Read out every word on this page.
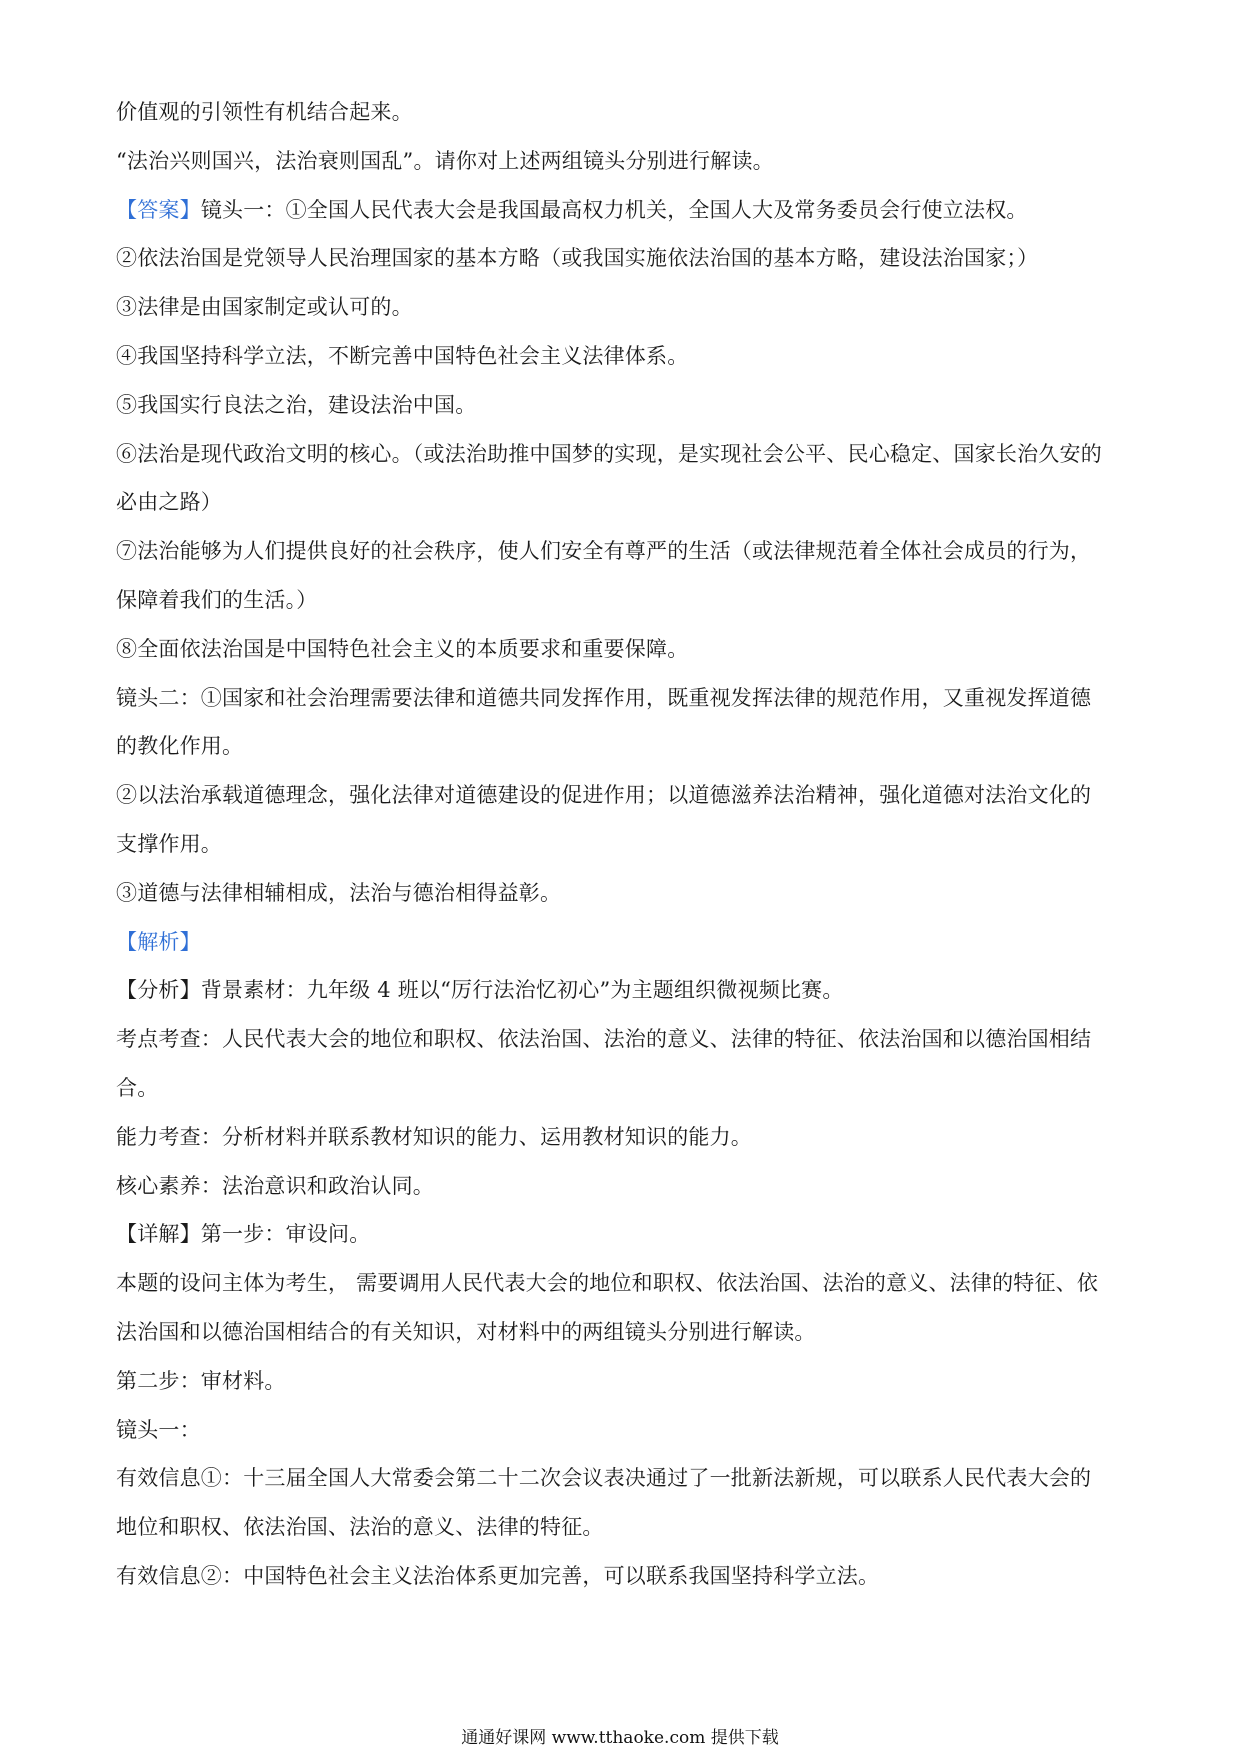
价值观的引领性有机结合起来。
“法治兴则国兴，法治衰则国乱”。请你对上述两组镜头分别进行解读。
【答案】镜头一：①全国人民代表大会是我国最高权力机关，全国人大及常务委员会行使立法权。
②依法治国是党领导人民治理国家的基本方略（或我国实施依法治国的基本方略，建设法治国家；）
③法律是由国家制定或认可的。
④我国坚持科学立法，不断完善中国特色社会主义法律体系。
⑤我国实行良法之治，建设法治中国。
⑥法治是现代政治文明的核心。（或法治助推中国梦的实现，是实现社会公平、民心稳定、国家长治久安的
必由之路）
⑦法治能够为人们提供良好的社会秩序，使人们安全有尊严的生活（或法律规范着全体社会成员的行为，
保障着我们的生活。）
⑧全面依法治国是中国特色社会主义的本质要求和重要保障。
镜头二：①国家和社会治理需要法律和道德共同发挥作用，既重视发挥法律的规范作用，又重视发挥道德
的教化作用。
②以法治承载道德理念，强化法律对道德建设的促进作用；以道德滋养法治精神，强化道德对法治文化的
支撑作用。
③道德与法律相辅相成，法治与德治相得益彰。
【解析】
【分析】背景素材：九年级 4 班以“厉行法治忆初心”为主题组织微视频比赛。
考点考查：人民代表大会的地位和职权、依法治国、法治的意义、法律的特征、依法治国和以德治国相结
合。
能力考查：分析材料并联系教材知识的能力、运用教材知识的能力。
核心素养：法治意识和政治认同。
【详解】第一步：审设问。
本题的设问主体为考生， 需要调用人民代表大会的地位和职权、依法治国、法治的意义、法律的特征、依
法治国和以德治国相结合的有关知识，对材料中的两组镜头分别进行解读。
第二步：审材料。
镜头一：
有效信息①：十三届全国人大常委会第二十二次会议表决通过了一批新法新规，可以联系人民代表大会的
地位和职权、依法治国、法治的意义、法律的特征。
有效信息②：中国特色社会主义法治体系更加完善，可以联系我国坚持科学立法。
通通好课网 www.tthaoke.com 提供下载
